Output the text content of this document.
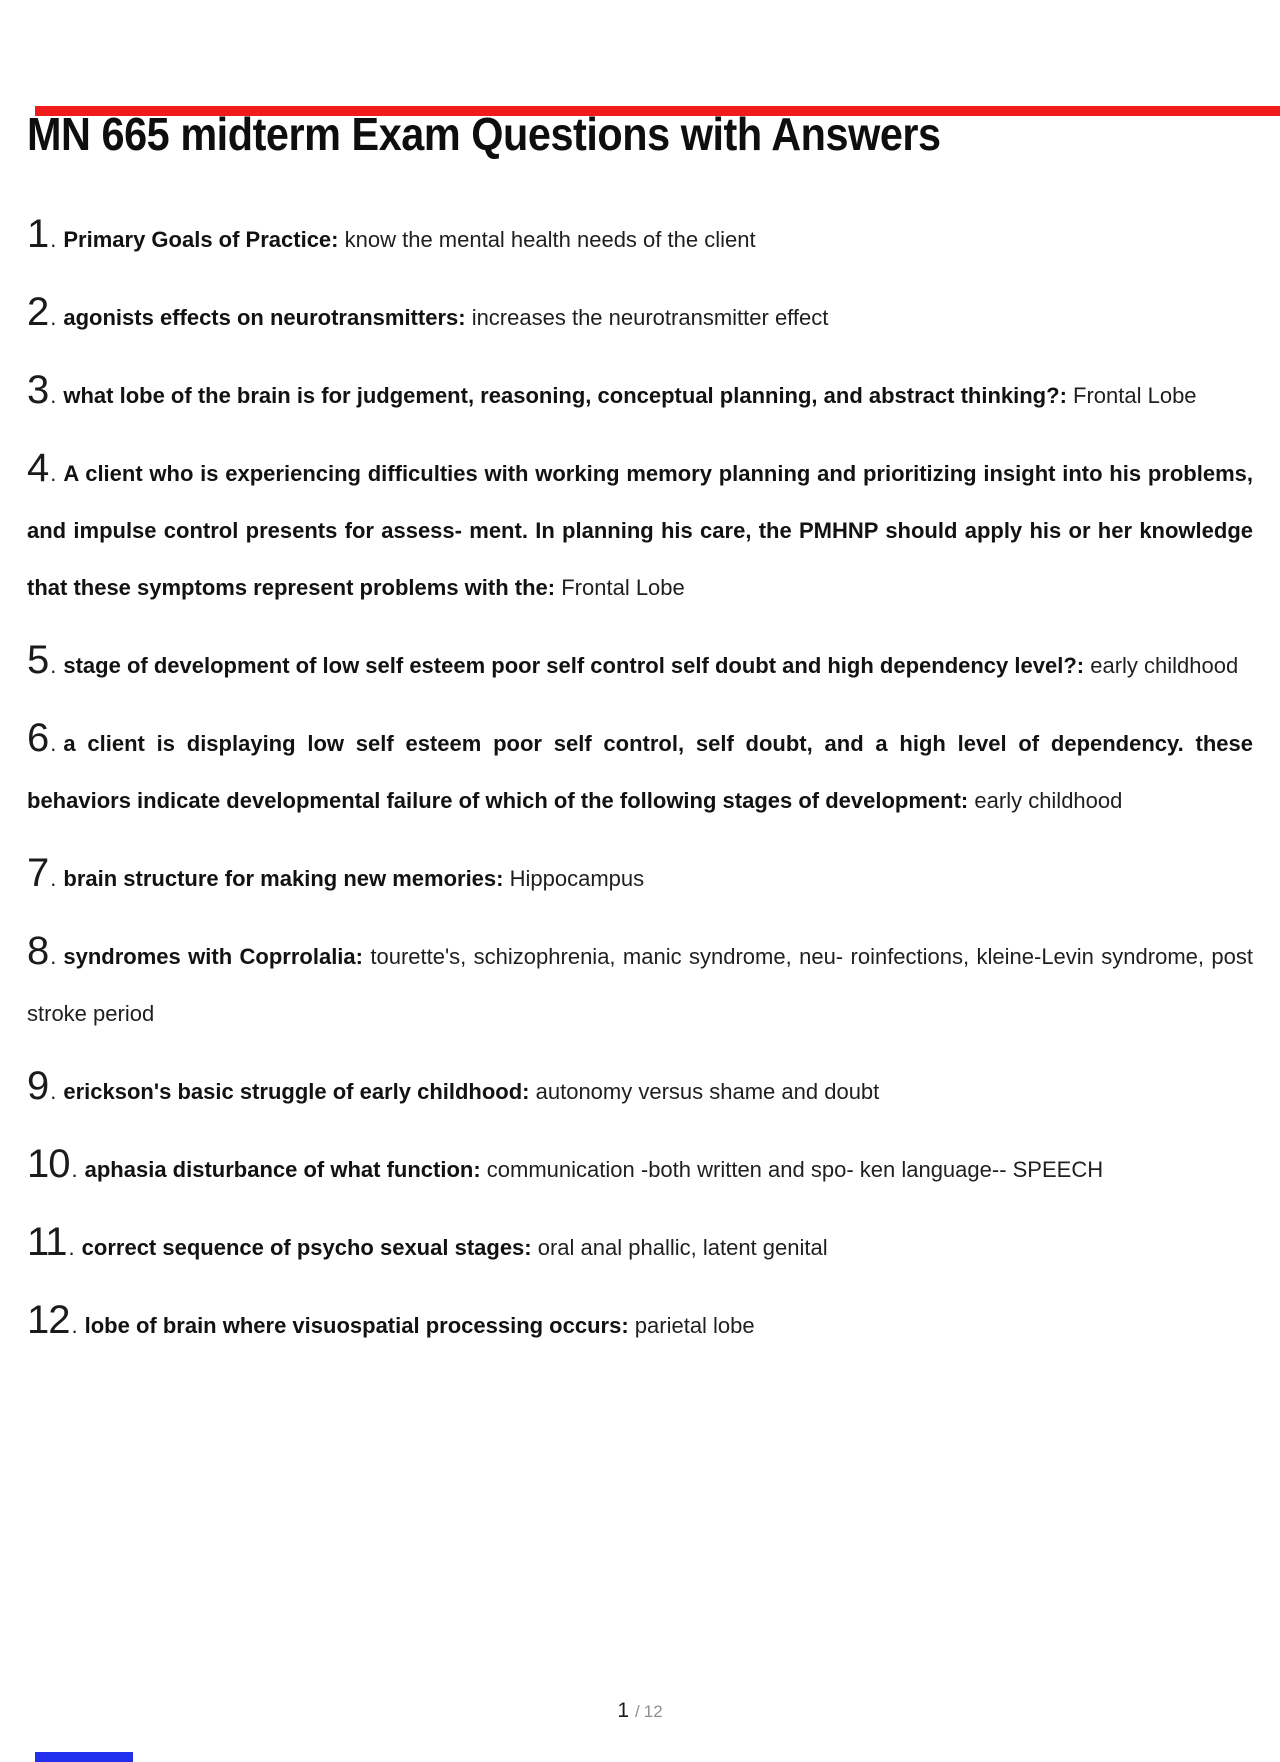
MN 665 midterm Exam Questions with Answers
1. Primary Goals of Practice: know the mental health needs of the client
2. agonists effects on neurotransmitters: increases the neurotransmitter effect
3. what lobe of the brain is for judgement, reasoning, conceptual planning, and abstract thinking?: Frontal Lobe
4. A client who is experiencing difficulties with working memory planning and prioritizing insight into his problems, and impulse control presents for assess- ment. In planning his care, the PMHNP should apply his or her knowledge that these symptoms represent problems with the: Frontal Lobe
5. stage of development of low self esteem poor self control self doubt and high dependency level?: early childhood
6. a client is displaying low self esteem poor self control, self doubt, and a high level of dependency. these behaviors indicate developmental failure of which of the following stages of development: early childhood
7. brain structure for making new memories: Hippocampus
8. syndromes with Coprrolalia: tourette's, schizophrenia, manic syndrome, neu- roinfections, kleine-Levin syndrome, post stroke period
9. erickson's basic struggle of early childhood: autonomy versus shame and doubt
10. aphasia disturbance of what function: communication -both written and spo- ken language-- SPEECH
11. correct sequence of psycho sexual stages: oral anal phallic, latent genital
12. lobe of brain where visuospatial processing occurs: parietal lobe
1 / 12
